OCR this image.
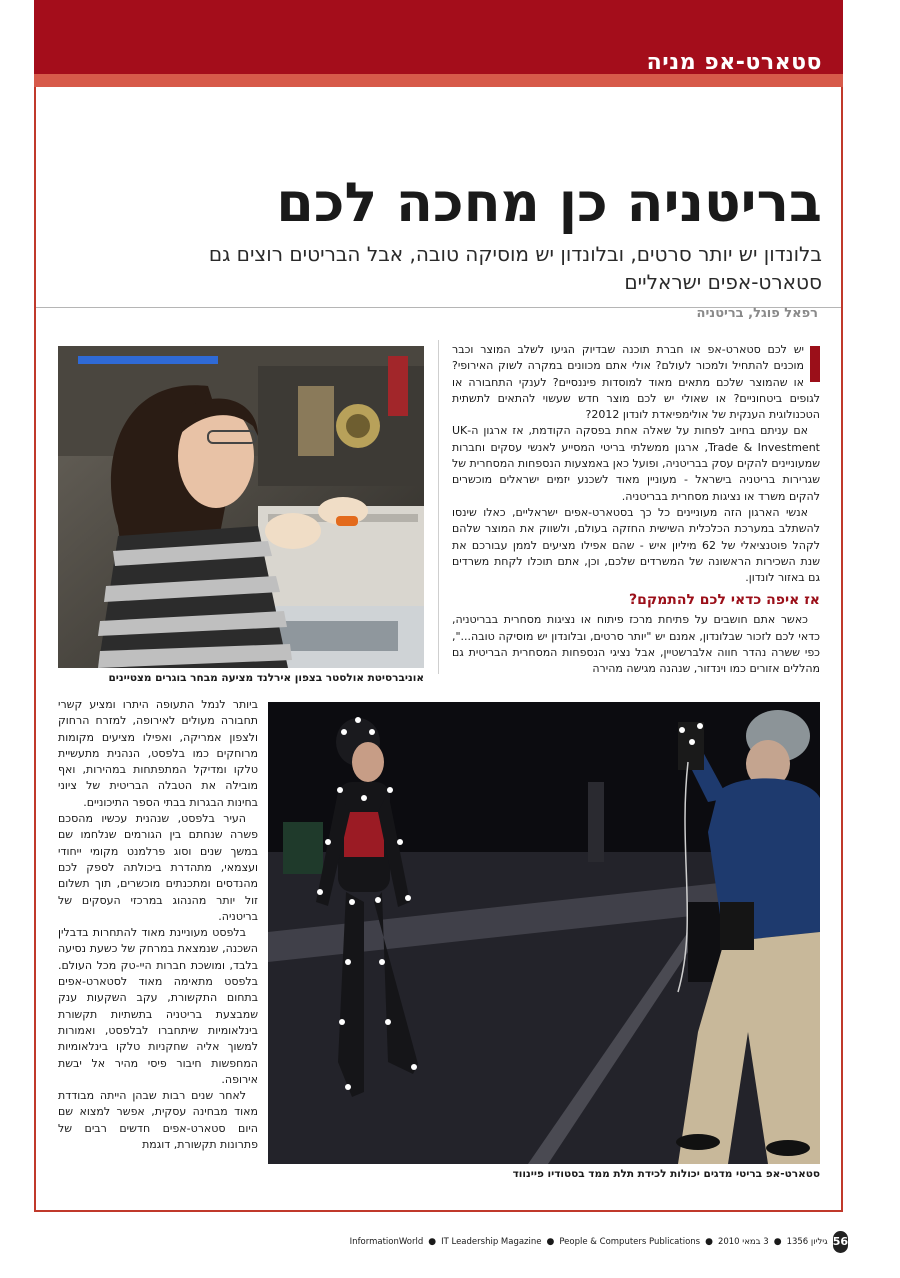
סטארט-אפ מניה
בריטניה כן מחכה לכם
בלונדון יש יותר סרטים, ובלונדון יש מוסיקה טובה, אבל הבריטים רוצים גם סטארט-אפים ישראליים
רפאל פוגל, בריטניה

יש לכם סטארט-אפ או חברת תוכנה שבדיוק הגיעו לשלב המוצר וכבר מוכנים להתחיל ולמכור לעולם? אולי אתם מכוונים במקרה לשוק האירופי? או שהמוצר שלכם מתאים מאוד למוסדות פיננסיים? לענקי התחבורה או לגופים ביטחוניים? או שאולי יש לכם מוצר חדש שעשוי להתאים לתשתית הטכנולוגית הענקית של אולימפיאדת לונדון 2012?

אם עניתם בחיוב לפחות על שאלה אחת בפסקה הקודמת, אז ארגון ה-UK Trade & Investment, ארגון ממשלתי בריטי המסייע לאנשי עסקים וחברות שמעוניינים להקים עסק בבריטניה, ופועל כאן באמצעות הנספחות המסחרית של שגרירות בריטניה בישראל - מעוניין מאוד לשכנע יזמים ישראלים מוכשרים להקים משרד או נציגות מסחרית בבריטניה.

אנשי הארגון הזה מעוניינים כל כך בסטארט-אפים ישראליים, כאלו שינסו להשתלב במערכת הכלכלית השישית החזקה בעולם, ולשווק את המוצר שלהם לקהל פוטנציאלי של 62 מיליון איש - שהם אפילו מציעים לממן עבורכם את שנת השכירות הראשונה של המשרדים שלכם, וכן, אתם תוכלו לקחת משרדים גם באזור לונדון.

אז איפה כדאי לכם להתמקם?

כאשר אתם חושבים על פתיחת מרכז פיתוח או נציגות מסחרית בבריטניה, כדאי לכם לזכור שבלונדון, אמנם יש "יותר סרטים, ובלונדון יש מוסיקה טובה...", כפי ששרה נהדר חווה אלברשטיין, אבל נציגי הנספחות המסחרית הבריטית גם מהללים אזורים כמו וינדזור, שנהנה מגישה מהירה

אוניברסיטת אולסטר בצפון אירלנד מציעה מבחר בוגרים מצטיינים

ביותר לנמל התעופה היתרו ומציע קשרי תחבורה מעולים לאירופה, למזרח הרחוק ולצפון אמריקה, ואפילו מציעים מקומות מרוחקים כמו בלפסט, הנהנית מתעשיית טלקו ומדיקל המתפתחות במהירות, ואף מובילה את הטבלה הבריטית של ציוני בחינות הבגרות בבתי הספר התיכוניים.

העיר בלפסט, שנהנית עכשיו מהסכם פשרה שנחתם בין הגורמים שנלחמו שם במשך שנים וסוג פרלמנט מקומי ייחודי ועצמאי, מתהדרת ביכולתה לספק לכם מהנדסים ומתכנתים מוכשרים, תוך תשלום זול יותר מהנהוג במרכזי העסקים של בריטניה.

בלפסט מעוניינת מאוד להתחרות בדבלין השכנה, שנמצאת במרחק של כשעת נסיעה בלבד, ומושכת חברות היי-טק מכל העולם. בלפסט מתאימה מאוד לסטארט-אפים בתחום התקשורת, עקב השקעות ענק שמבצעת בריטניה בתשתיות תקשורת בינלאומיות שיתחברו לבלפסט, ואמורות למשוך אליה שחקניות טלקו בינלאומיות המחפשות חיבור פיסי מהיר אל יבשת אירופה.

לאחר שנים רבות שבהן הייתה מבודדת מאוד מבחינה עסקית, אפשר למצוא שם היום סטארט-אפים חדשים רבים של פתרונות תקשורת, דוגמת

סטארט-אפ בריטי מדגים יכולות לכידת תלת ממד בסטודיו פיינווד
InformationWorld ● IT Leadership Magazine ● People & Computers Publications ● 3 במאי 2010 ● גיליון 1356 56
